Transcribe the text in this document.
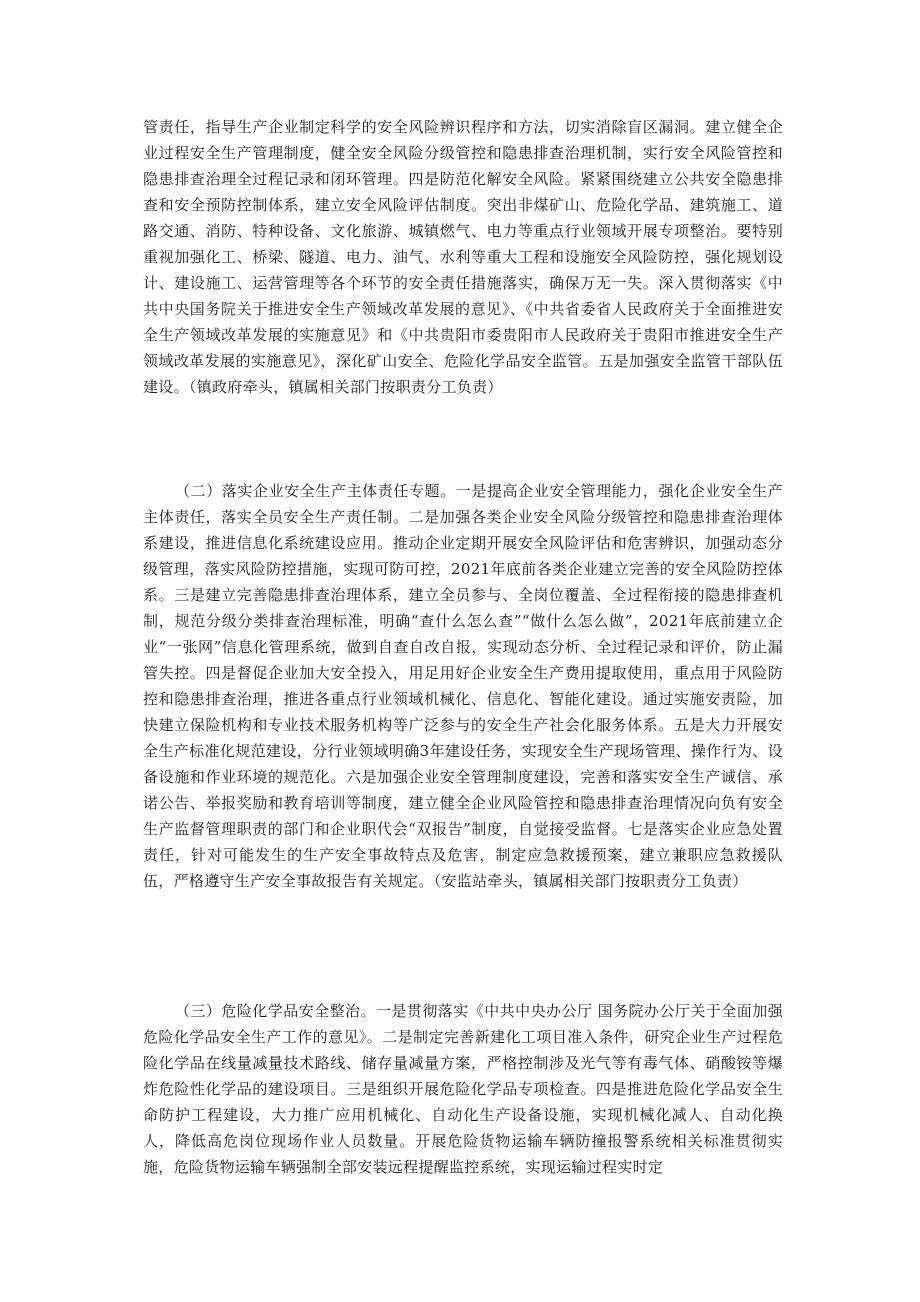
管责任，指导生产企业制定科学的安全风险辨识程序和方法，切实消除盲区漏洞。建立健全企业过程安全生产管理制度，健全安全风险分级管控和隐患排查治理机制，实行安全风险管控和隐患排查治理全过程记录和闭环管理。四是防范化解安全风险。紧紧围绕建立公共安全隐患排查和安全预防控制体系，建立安全风险评估制度。突出非煤矿山、危险化学品、建筑施工、道路交通、消防、特种设备、文化旅游、城镇燃气、电力等重点行业领域开展专项整治。要特别重视加强化工、桥梁、隧道、电力、油气、水利等重大工程和设施安全风险防控，强化规划设计、建设施工、运营管理等各个环节的安全责任措施落实，确保万无一失。深入贯彻落实《中共中央国务院关于推进安全生产领域改革发展的意见》、《中共省委省人民政府关于全面推进安全生产领域改革发展的实施意见》和《中共贵阳市委贵阳市人民政府关于贵阳市推进安全生产领域改革发展的实施意见》，深化矿山安全、危险化学品安全监管。五是加强安全监管干部队伍建设。（镇政府牵头，镇属相关部门按职责分工负责）

（二）落实企业安全生产主体责任专题。一是提高企业安全管理能力，强化企业安全生产主体责任，落实全员安全生产责任制。二是加强各类企业安全风险分级管控和隐患排查治理体系建设，推进信息化系统建设应用。推动企业定期开展安全风险评估和危害辨识，加强动态分级管理，落实风险防控措施，实现可防可控，2021年底前各类企业建立完善的安全风险防控体系。三是建立完善隐患排查治理体系，建立全员参与、全岗位覆盖、全过程衔接的隐患排查机制，规范分级分类排查治理标准，明确“查什么怎么查”“做什么怎么做”，2021年底前建立企业“一张网”信息化管理系统，做到自查自改自报，实现动态分析、全过程记录和评价，防止漏管失控。四是督促企业加大安全投入，用足用好企业安全生产费用提取使用，重点用于风险防控和隐患排查治理，推进各重点行业领域机械化、信息化、智能化建设。通过实施安责险，加快建立保险机构和专业技术服务机构等广泛参与的安全生产社会化服务体系。五是大力开展安全生产标准化规范建设，分行业领域明确3年建设任务，实现安全生产现场管理、操作行为、设备设施和作业环境的规范化。六是加强企业安全管理制度建设，完善和落实安全生产诚信、承诺公告、举报奖励和教育培训等制度，建立健全企业风险管控和隐患排查治理情况向负有安全生产监督管理职责的部门和企业职代会“双报告”制度，自觉接受监督。七是落实企业应急处置责任，针对可能发生的生产安全事故特点及危害，制定应急救援预案，建立兼职应急救援队伍，严格遵守生产安全事故报告有关规定。（安监站牵头，镇属相关部门按职责分工负责）

（三）危险化学品安全整治。一是贯彻落实《中共中央办公厅 国务院办公厅关于全面加强危险化学品安全生产工作的意见》。二是制定完善新建化工项目准入条件，研究企业生产过程危险化学品在线量减量技术路线、储存量减量方案，严格控制涉及光气等有毒气体、硝酸铵等爆炸危险性化学品的建设项目。三是组织开展危险化学品专项检查。四是推进危险化学品安全生命防护工程建设，大力推广应用机械化、自动化生产设备设施，实现机械化减人、自动化换人，降低高危岗位现场作业人员数量。开展危险货物运输车辆防撞报警系统相关标准贯彻实施，危险货物运输车辆强制全部安装远程提醒监控系统，实现运输过程实时定
